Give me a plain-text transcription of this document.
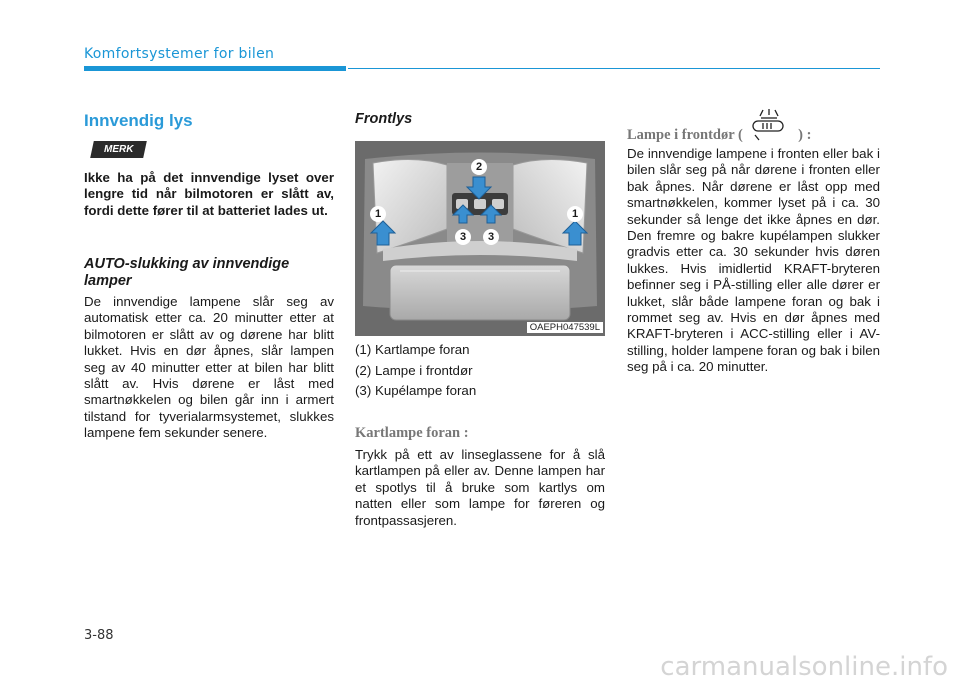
Komfortsystemer for bilen
Innvendig lys
MERK
Ikke ha på det innvendige lyset over lengre tid når bilmotoren er slått av, fordi dette fører til at batteriet lades ut.
AUTO-slukking av innvendige lamper
De innvendige lampene slår seg av automatisk etter ca. 20 minutter etter at bilmotoren er slått av og dørene har blitt lukket. Hvis en dør åpnes, slår lampen seg av 40 minutter etter at bilen har blitt slått av. Hvis dørene er låst med smartnøkkelen og bilen går inn i armert tilstand for tyverialarmsystemet, slukkes lampene fem sekunder senere.
Frontlys
1	1
2
3	3
OAEPH047539L
(1) Kartlampe foran
(2) Lampe i frontdør
(3) Kupélampe foran
Kartlampe foran :
Trykk på ett av linseglassene for å slå kartlampen på eller av. Denne lampen har et spotlys til å bruke som kartlys om natten eller som lampe for føreren og frontpassasjeren.
Lampe i frontdør (	) :
De innvendige lampene i fronten eller bak i bilen slår seg på når dørene i fronten eller bak åpnes. Når dørene er låst opp med smartnøkkelen, kommer lyset på i ca. 30 sekunder så lenge det ikke åpnes en dør. Den fremre og bakre kupélampen slukker gradvis etter ca. 30 sekunder hvis døren lukkes. Hvis imidlertid KRAFT-bryteren befinner seg i PÅ-stilling eller alle dører er lukket, slår både lampene foran og bak i rommet seg av. Hvis en dør åpnes med KRAFT-bryteren i ACC-stilling eller i AV-stilling, holder lampene foran og bak i bilen seg på i ca. 20 minutter.
3-88
carmanualsonline.info
